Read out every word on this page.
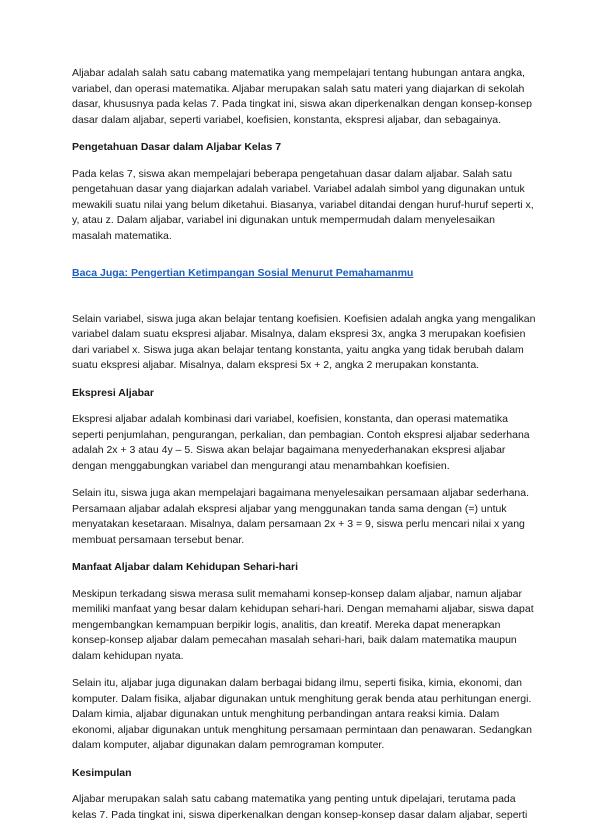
Aljabar adalah salah satu cabang matematika yang mempelajari tentang hubungan antara angka, variabel, dan operasi matematika. Aljabar merupakan salah satu materi yang diajarkan di sekolah dasar, khususnya pada kelas 7. Pada tingkat ini, siswa akan diperkenalkan dengan konsep-konsep dasar dalam aljabar, seperti variabel, koefisien, konstanta, ekspresi aljabar, dan sebagainya.

Pengetahuan Dasar dalam Aljabar Kelas 7

Pada kelas 7, siswa akan mempelajari beberapa pengetahuan dasar dalam aljabar. Salah satu pengetahuan dasar yang diajarkan adalah variabel. Variabel adalah simbol yang digunakan untuk mewakili suatu nilai yang belum diketahui. Biasanya, variabel ditandai dengan huruf-huruf seperti x, y, atau z. Dalam aljabar, variabel ini digunakan untuk mempermudah dalam menyelesaikan masalah matematika.

Baca Juga: Pengertian Ketimpangan Sosial Menurut Pemahamanmu

Selain variabel, siswa juga akan belajar tentang koefisien. Koefisien adalah angka yang mengalikan variabel dalam suatu ekspresi aljabar. Misalnya, dalam ekspresi 3x, angka 3 merupakan koefisien dari variabel x. Siswa juga akan belajar tentang konstanta, yaitu angka yang tidak berubah dalam suatu ekspresi aljabar. Misalnya, dalam ekspresi 5x + 2, angka 2 merupakan konstanta.

Ekspresi Aljabar

Ekspresi aljabar adalah kombinasi dari variabel, koefisien, konstanta, dan operasi matematika seperti penjumlahan, pengurangan, perkalian, dan pembagian. Contoh ekspresi aljabar sederhana adalah 2x + 3 atau 4y – 5. Siswa akan belajar bagaimana menyederhanakan ekspresi aljabar dengan menggabungkan variabel dan mengurangi atau menambahkan koefisien.

Selain itu, siswa juga akan mempelajari bagaimana menyelesaikan persamaan aljabar sederhana. Persamaan aljabar adalah ekspresi aljabar yang menggunakan tanda sama dengan (=) untuk menyatakan kesetaraan. Misalnya, dalam persamaan 2x + 3 = 9, siswa perlu mencari nilai x yang membuat persamaan tersebut benar.

Manfaat Aljabar dalam Kehidupan Sehari-hari

Meskipun terkadang siswa merasa sulit memahami konsep-konsep dalam aljabar, namun aljabar memiliki manfaat yang besar dalam kehidupan sehari-hari. Dengan memahami aljabar, siswa dapat mengembangkan kemampuan berpikir logis, analitis, dan kreatif. Mereka dapat menerapkan konsep-konsep aljabar dalam pemecahan masalah sehari-hari, baik dalam matematika maupun dalam kehidupan nyata.

Selain itu, aljabar juga digunakan dalam berbagai bidang ilmu, seperti fisika, kimia, ekonomi, dan komputer. Dalam fisika, aljabar digunakan untuk menghitung gerak benda atau perhitungan energi. Dalam kimia, aljabar digunakan untuk menghitung perbandingan antara reaksi kimia. Dalam ekonomi, aljabar digunakan untuk menghitung persamaan permintaan dan penawaran. Sedangkan dalam komputer, aljabar digunakan dalam pemrograman komputer.

Kesimpulan

Aljabar merupakan salah satu cabang matematika yang penting untuk dipelajari, terutama pada kelas 7. Pada tingkat ini, siswa diperkenalkan dengan konsep-konsep dasar dalam aljabar, seperti
